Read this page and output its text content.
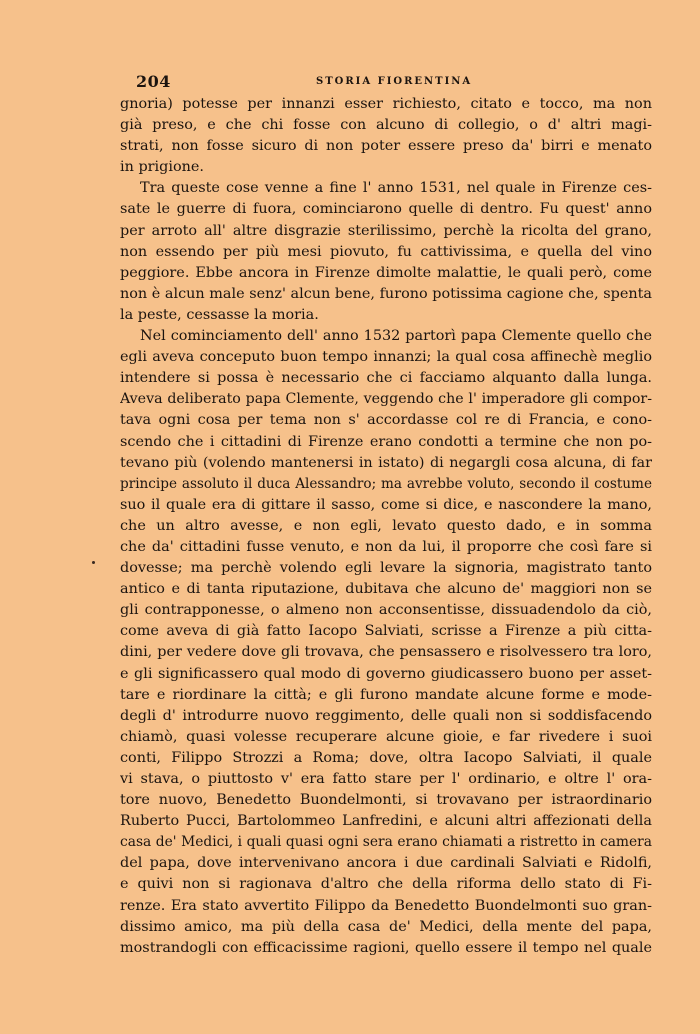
204	STORIA FIORENTINA
gnoria) potesse per innanzi esser richiesto, citato e tocco, ma non
già preso, e che chi fosse con alcuno di collegio, o d' altri magi-
strati, non fosse sicuro di non poter essere preso da' birri e menato
in prigione.
Tra queste cose venne a fine l' anno 1531, nel quale in Firenze ces-
sate le guerre di fuora, cominciarono quelle di dentro. Fu quest' anno
per arroto all' altre disgrazie sterilissimo, perchè la ricolta del grano,
non essendo per più mesi piovuto, fu cattivissima, e quella del vino
peggiore. Ebbe ancora in Firenze dimolte malattie, le quali però, come
non è alcun male senz' alcun bene, furono potissima cagione che, spenta
la peste, cessasse la moria.
Nel cominciamento dell' anno 1532 partorì papa Clemente quello che
egli aveva conceputo buon tempo innanzi; la qual cosa affinechè meglio
intendere si possa è necessario che ci facciamo alquanto dalla lunga.
Aveva deliberato papa Clemente, veggendo che l' imperadore gli compor-
tava ogni cosa per tema non s' accordasse col re di Francia, e cono-
scendo che i cittadini di Firenze erano condotti a termine che non po-
tevano più (volendo mantenersi in istato) di negargli cosa alcuna, di far
principe assoluto il duca Alessandro; ma avrebbe voluto, secondo il costume
suo il quale era di gittare il sasso, come si dice, e nascondere la mano,
che un altro avesse, e non egli, levato questo dado, e in somma
che da' cittadini fusse venuto, e non da lui, il proporre che così fare si
dovesse; ma perchè volendo egli levare la signoria, magistrato tanto
antico e di tanta riputazione, dubitava che alcuno de' maggiori non se
gli contrapponesse, o almeno non acconsentisse, dissuadendolo da ciò,
come aveva di già fatto Iacopo Salviati, scrisse a Firenze a più citta-
dini, per vedere dove gli trovava, che pensassero e risolvessero tra loro,
e gli significassero qual modo di governo giudicassero buono per asset-
tare e riordinare la città; e gli furono mandate alcune forme e mode-
degli d' introdurre nuovo reggimento, delle quali non si soddisfacendo
chiamò, quasi volesse recuperare alcune gioie, e far rivedere i suoi
conti, Filippo Strozzi a Roma; dove, oltra Iacopo Salviati, il quale
vi stava, o piuttosto v' era fatto stare per l' ordinario, e oltre l' ora-
tore nuovo, Benedetto Buondelmonti, si trovavano per istraordinario
Ruberto Pucci, Bartolommeo Lanfredini, e alcuni altri affezionati della
casa de' Medici, i quali quasi ogni sera erano chiamati a ristretto in camera
del papa, dove intervenivano ancora i due cardinali Salviati e Ridolfi,
e quivi non si ragionava d'altro che della riforma dello stato di Fi-
renze. Era stato avvertito Filippo da Benedetto Buondelmonti suo gran-
dissimo amico, ma più della casa de' Medici, della mente del papa,
mostrandogli con efficacissime ragioni, quello essere il tempo nel quale
